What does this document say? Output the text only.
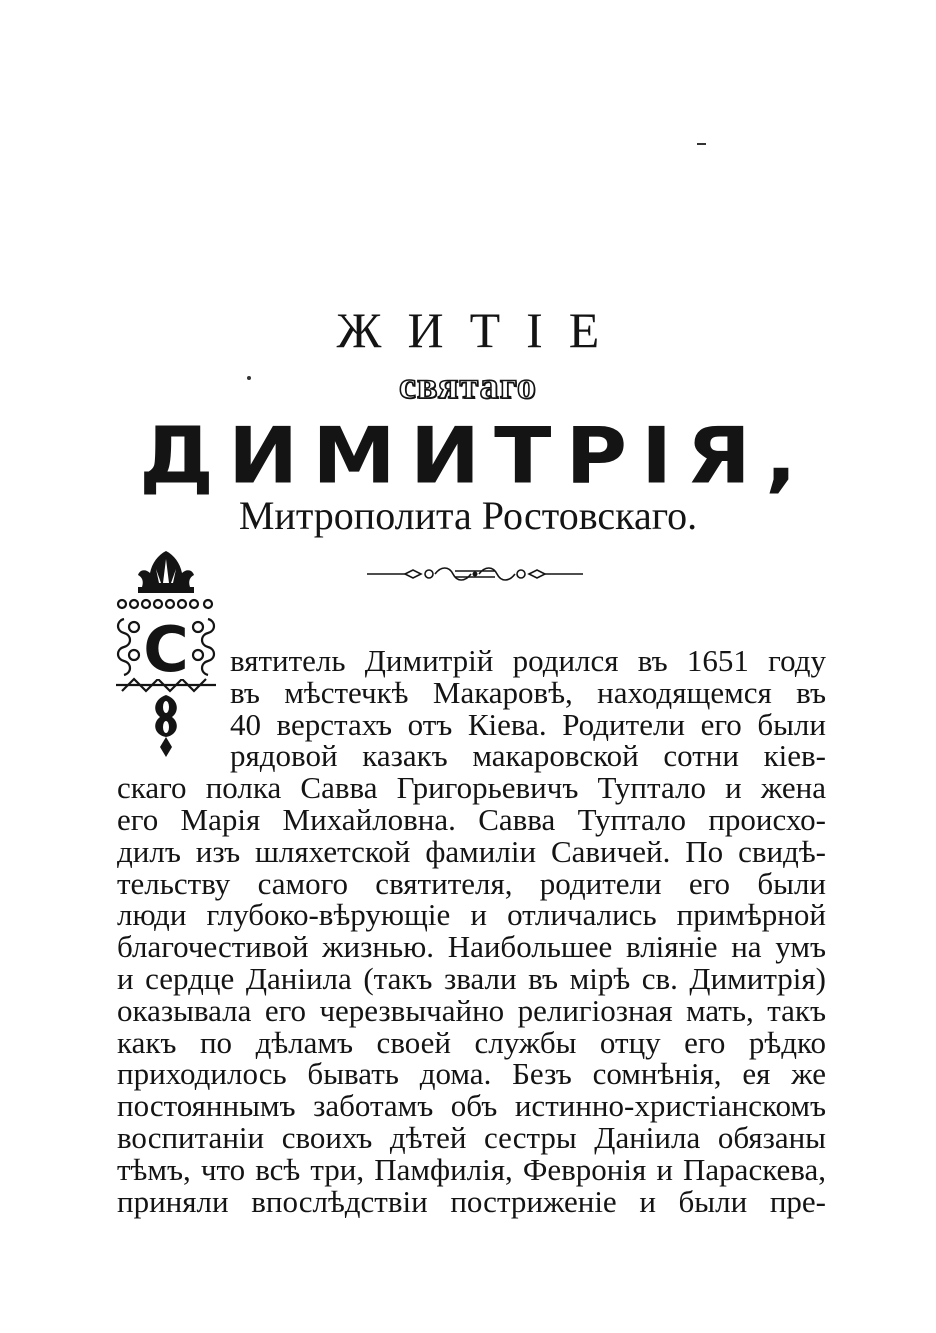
ЖИТІЕ
святаго
ДИМИТРІЯ,
Митрополита Ростовскаго.
С вятитель Димитрій родился въ 1651 году
въ мѣстечкѣ Макаровѣ, находящемся въ
40 верстахъ отъ Кіева. Родители его были
рядовой казакъ макаровской сотни кіев-
скаго полка Савва Григорьевичъ Туптало и жена
его Марія Михайловна. Савва Туптало происхо-
дилъ изъ шляхетской фамиліи Савичей. По свидѣ-
тельству самого святителя, родители его были
люди глубоко-вѣрующіе и отличались примѣрной
благочестивой жизнью. Наибольшее вліяніе на умъ
и сердце Даніила (такъ звали въ мірѣ св. Димитрія)
оказывала его черезвычайно религіозная мать, такъ
какъ по дѣламъ своей службы отцу его рѣдко
приходилось бывать дома. Безъ сомнѣнія, ея же
постояннымъ заботамъ объ истинно-христіанскомъ
воспитаніи своихъ дѣтей сестры Даніила обязаны
тѣмъ, что всѣ три, Памфилія, Февронія и Параскева,
приняли впослѣдствіи постриженіе и были пре-
